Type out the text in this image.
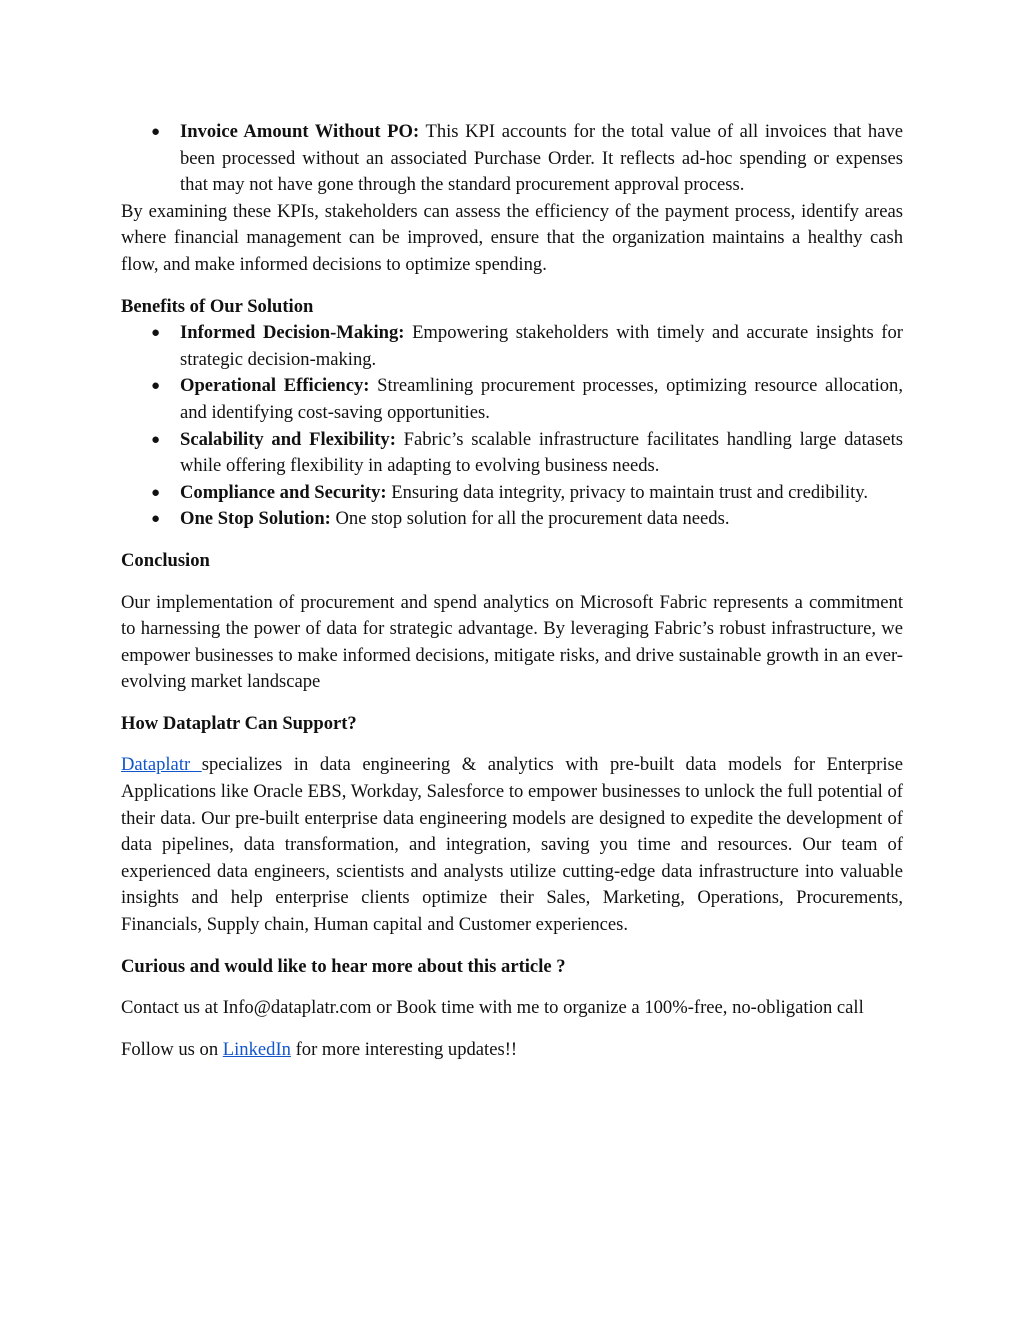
● Invoice Amount Without PO: This KPI accounts for the total value of all invoices that have been processed without an associated Purchase Order. It reflects ad-hoc spending or expenses that may not have gone through the standard procurement approval process.

By examining these KPIs, stakeholders can assess the efficiency of the payment process, identify areas where financial management can be improved, ensure that the organization maintains a healthy cash flow, and make informed decisions to optimize spending.

Benefits of Our Solution

● Informed Decision-Making: Empowering stakeholders with timely and accurate insights for strategic decision-making.
● Operational Efficiency: Streamlining procurement processes, optimizing resource allocation, and identifying cost-saving opportunities.
● Scalability and Flexibility: Fabric’s scalable infrastructure facilitates handling large datasets while offering flexibility in adapting to evolving business needs.
● Compliance and Security: Ensuring data integrity, privacy to maintain trust and credibility.
● One Stop Solution: One stop solution for all the procurement data needs.

Conclusion

Our implementation of procurement and spend analytics on Microsoft Fabric represents a commitment to harnessing the power of data for strategic advantage. By leveraging Fabric’s robust infrastructure, we empower businesses to make informed decisions, mitigate risks, and drive sustainable growth in an ever-evolving market landscape

How Dataplatr Can Support?

Dataplatr specializes in data engineering & analytics with pre-built data models for Enterprise Applications like Oracle EBS, Workday, Salesforce to empower businesses to unlock the full potential of their data. Our pre-built enterprise data engineering models are designed to expedite the development of data pipelines, data transformation, and integration, saving you time and resources. Our team of experienced data engineers, scientists and analysts utilize cutting-edge data infrastructure into valuable insights and help enterprise clients optimize their Sales, Marketing, Operations, Procurements, Financials, Supply chain, Human capital and Customer experiences.

Curious and would like to hear more about this article ?

Contact us at Info@dataplatr.com or Book time with me to organize a 100%-free, no-obligation call

Follow us on LinkedIn for more interesting updates!!
